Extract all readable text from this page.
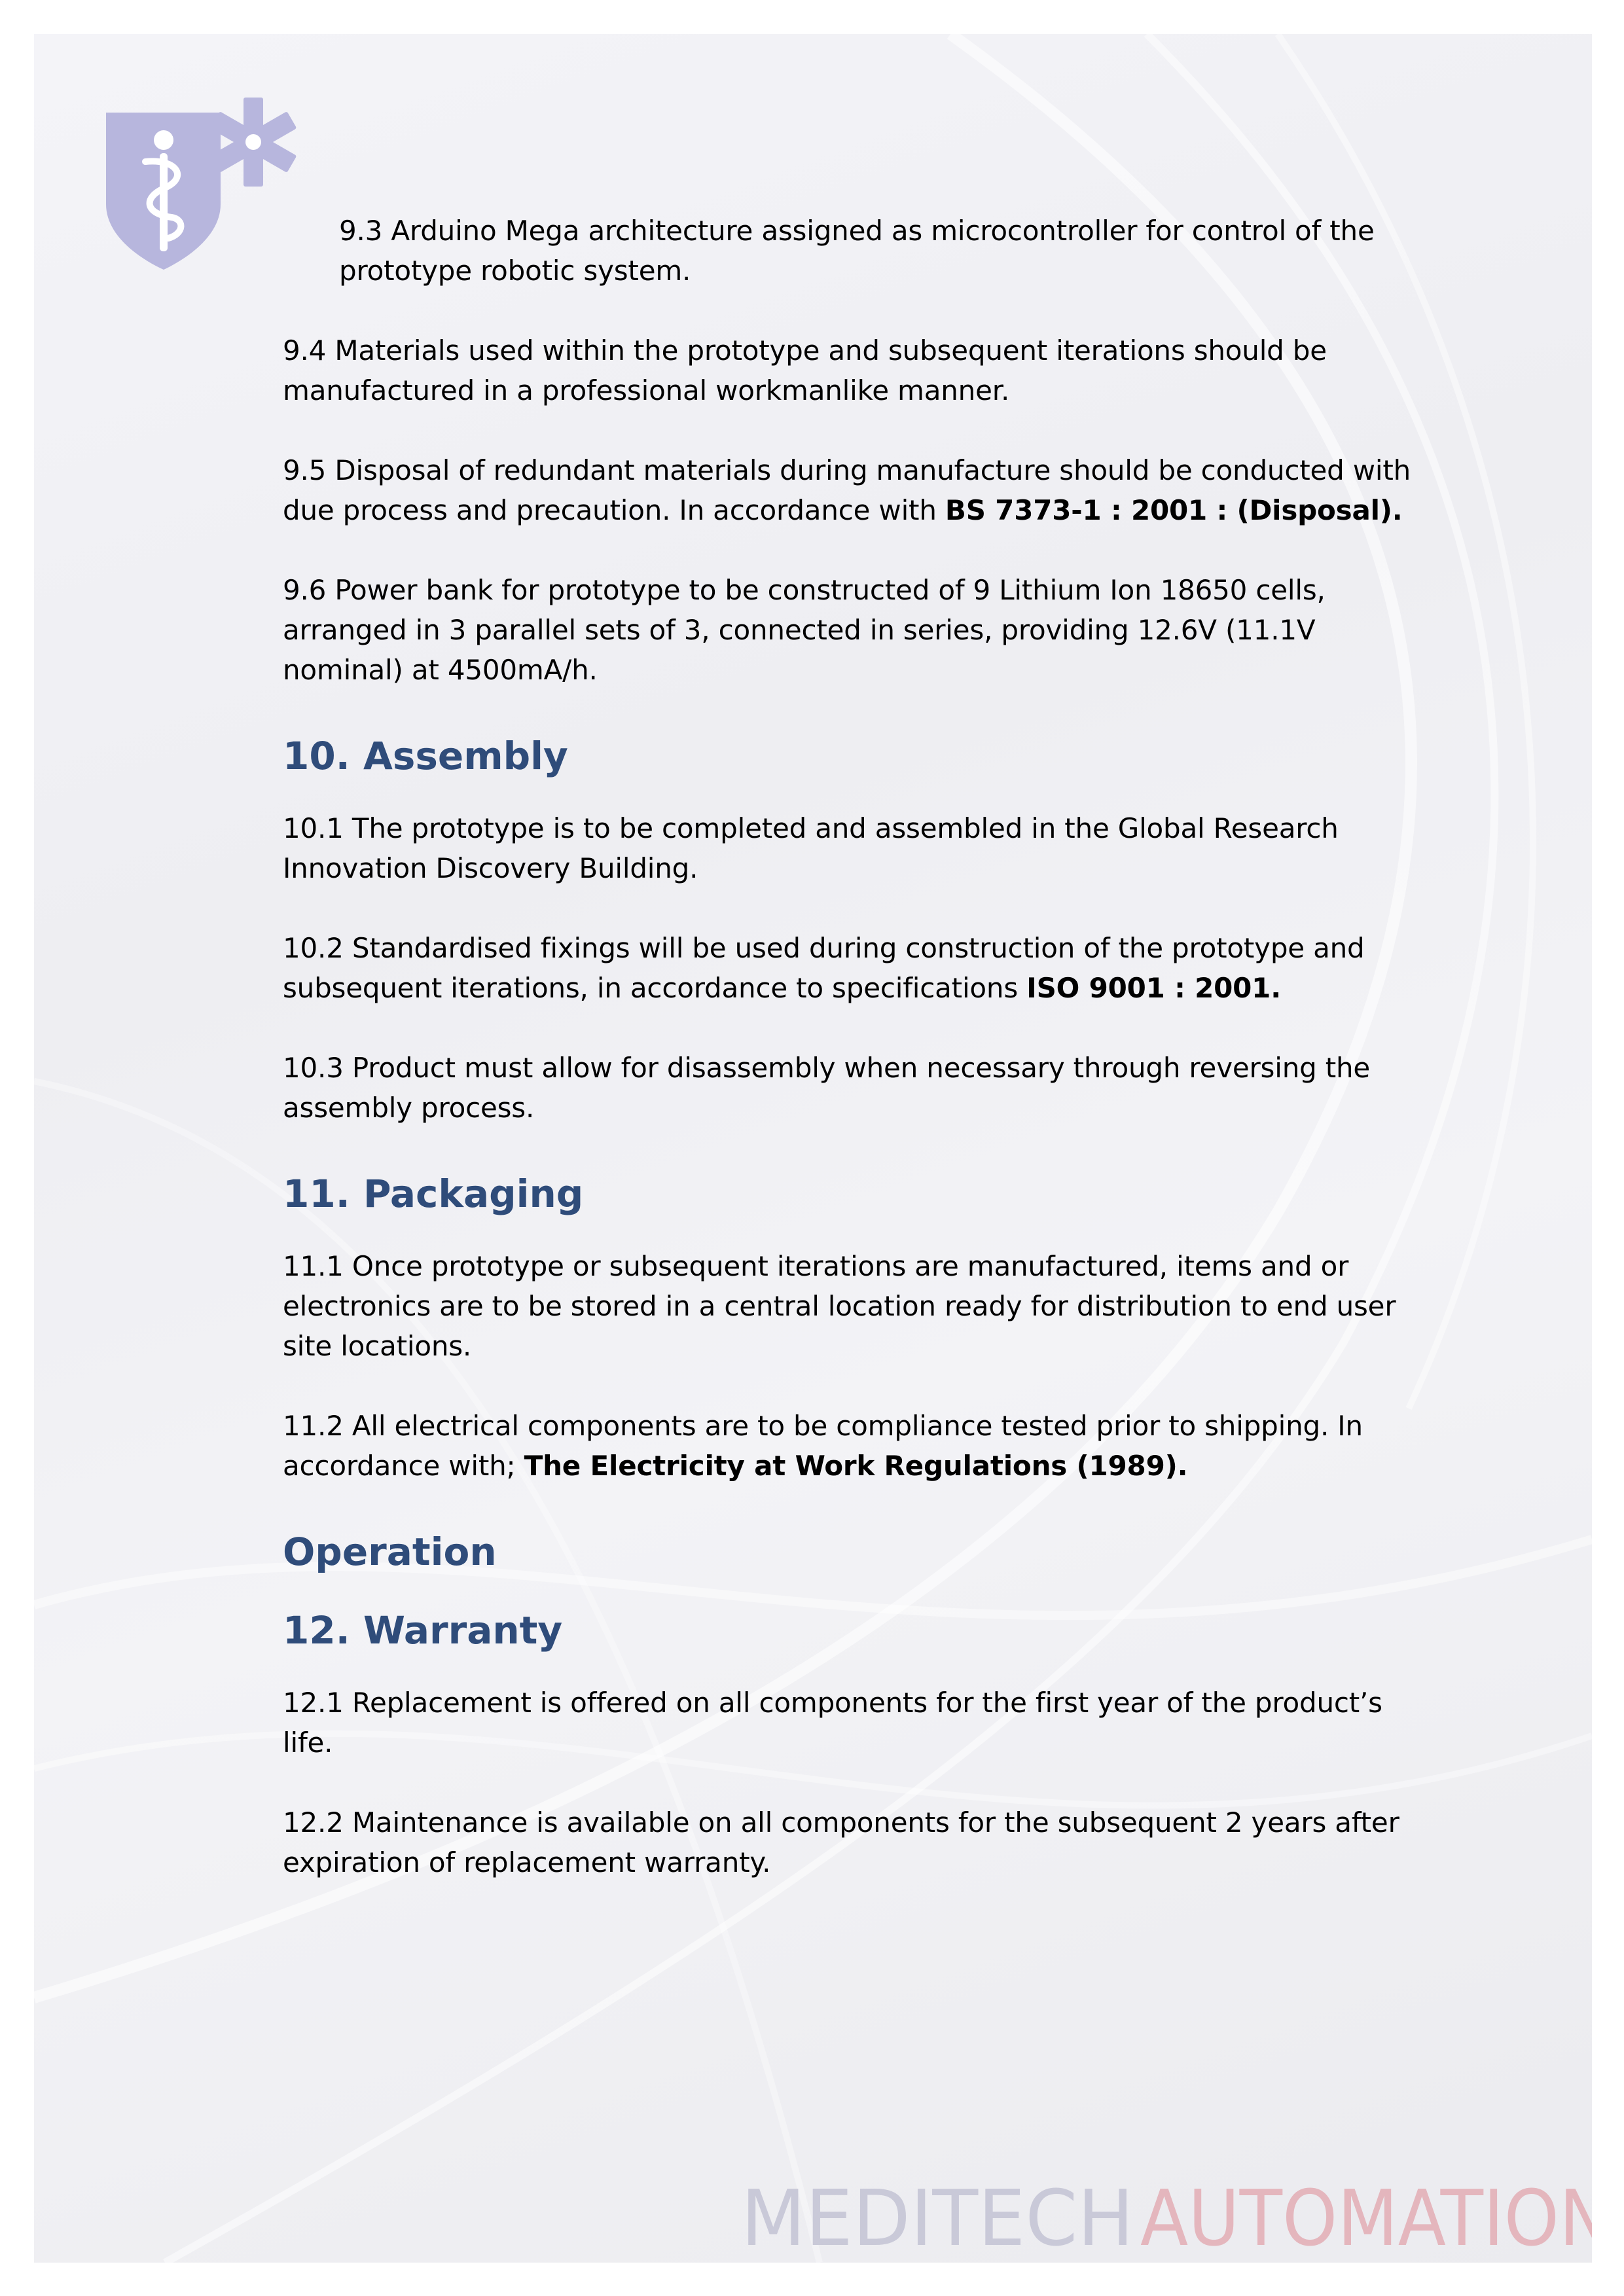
9.3 Arduino Mega architecture assigned as microcontroller for control of the prototype robotic system.

9.4 Materials used within the prototype and subsequent iterations should be manufactured in a professional workmanlike manner.

9.5 Disposal of redundant materials during manufacture should be conducted with due process and precaution. In accordance with BS 7373-1 : 2001 : (Disposal).

9.6 Power bank for prototype to be constructed of 9 Lithium Ion 18650 cells, arranged in 3 parallel sets of 3, connected in series, providing 12.6V (11.1V nominal) at 4500mA/h.

10. Assembly

10.1 The prototype is to be completed and assembled in the Global Research Innovation Discovery Building.

10.2 Standardised fixings will be used during construction of the prototype and subsequent iterations, in accordance to specifications ISO 9001 : 2001.

10.3 Product must allow for disassembly when necessary through reversing the assembly process.

11. Packaging

11.1 Once prototype or subsequent iterations are manufactured, items and or electronics are to be stored in a central location ready for distribution to end user site locations.

11.2 All electrical components are to be compliance tested prior to shipping. In accordance with; The Electricity at Work Regulations (1989).

Operation
12. Warranty

12.1 Replacement is offered on all components for the first year of the product’s life.

12.2 Maintenance is available on all components for the subsequent 2 years after expiration of replacement warranty.

MEDITECH AUTOMATION
